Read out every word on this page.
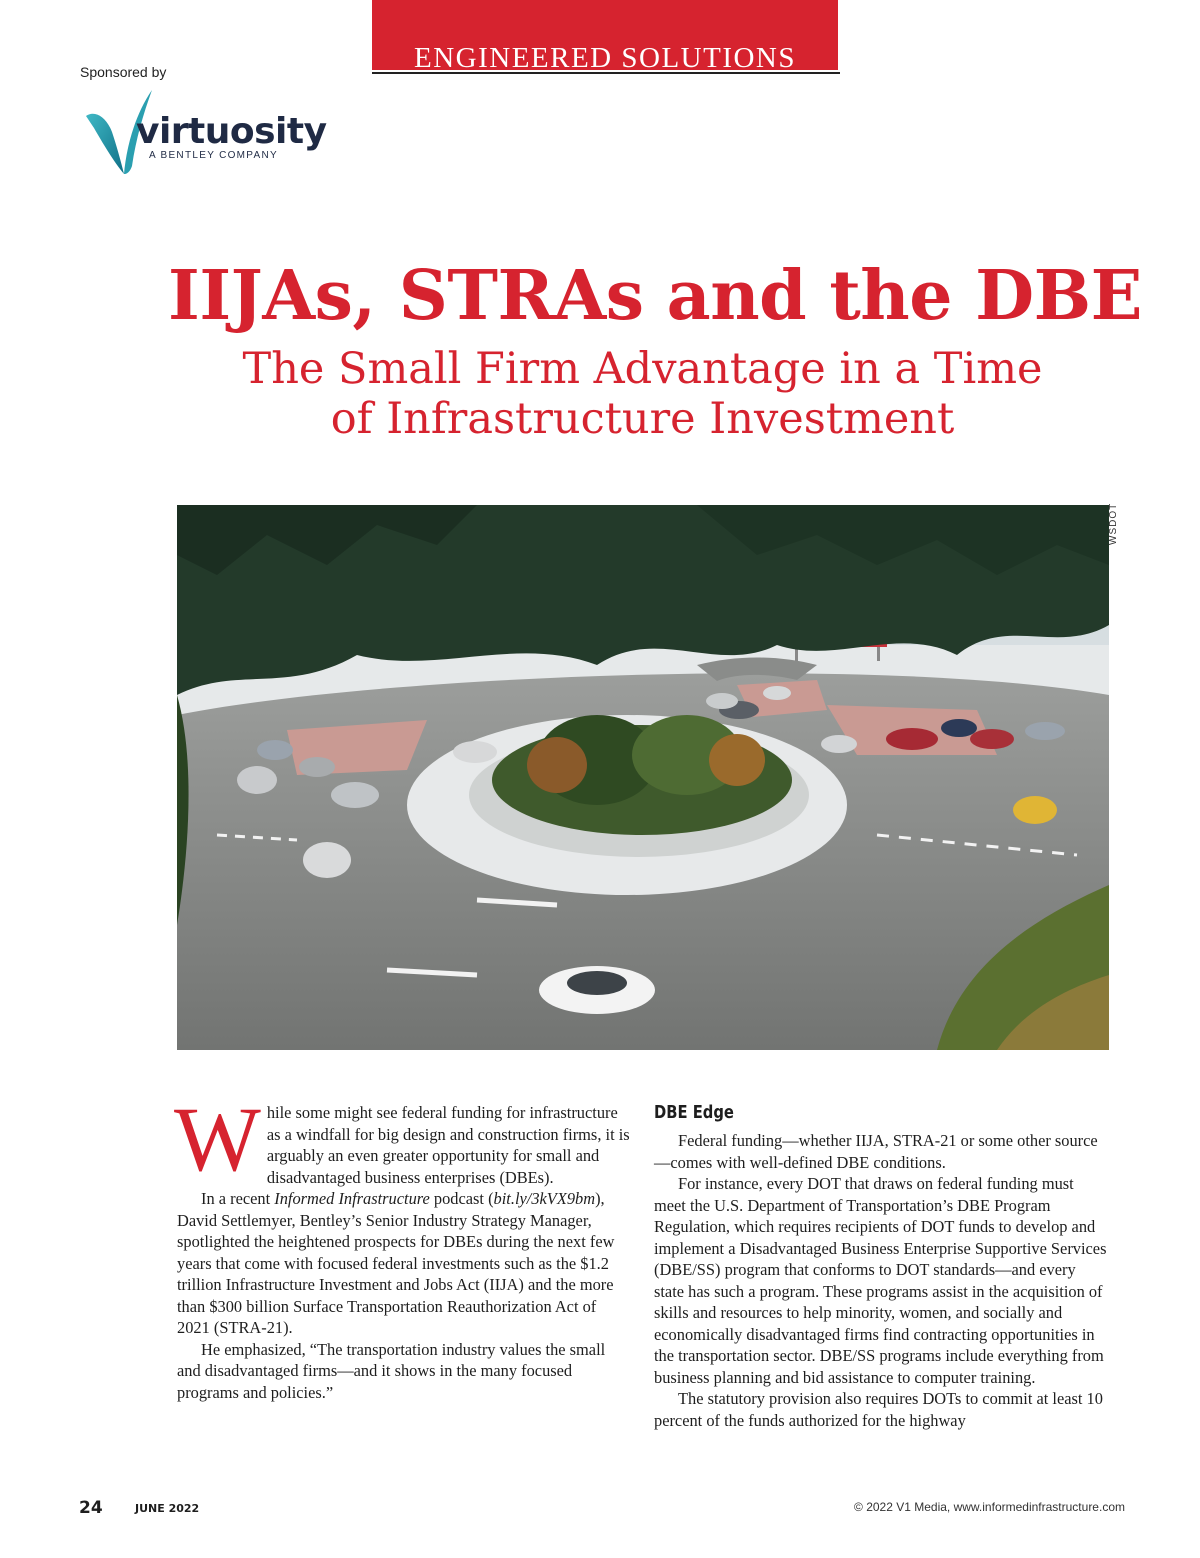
ENGINEERED SOLUTIONS
Sponsored by
virtuosity
A BENTLEY COMPANY
IIJAs, STRAs and the DBE
The Small Firm Advantage in a Time
of Infrastructure Investment
WSDOT

While some might see federal funding for infrastructure as a windfall for big design and construction firms, it is arguably an even greater opportunity for small and disadvantaged business enterprises (DBEs).

In a recent Informed Infrastructure podcast (bit.ly/3kVX9bm), David Settlemyer, Bentley’s Senior Industry Strategy Manager, spotlighted the heightened prospects for DBEs during the next few years that come with focused federal investments such as the $1.2 trillion Infrastructure Investment and Jobs Act (IIJA) and the more than $300 billion Surface Transportation Reauthorization Act of 2021 (STRA-21).

He emphasized, “The transportation industry values the small and disadvantaged firms—and it shows in the many focused programs and policies.”

DBE Edge

Federal funding—whether IIJA, STRA-21 or some other source—comes with well-defined DBE conditions.

For instance, every DOT that draws on federal funding must meet the U.S. Department of Transportation’s DBE Program Regulation, which requires recipients of DOT funds to develop and implement a Disadvantaged Business Enterprise Supportive Services (DBE/SS) program that conforms to DOT standards—and every state has such a program. These programs assist in the acquisition of skills and resources to help minority, women, and socially and economically disadvantaged firms find contracting opportunities in the transportation sector. DBE/SS programs include everything from business planning and bid assistance to computer training.

The statutory provision also requires DOTs to commit at least 10 percent of the funds authorized for the highway

24	JUNE 2022	© 2022 V1 Media, www.informedinfrastructure.com
